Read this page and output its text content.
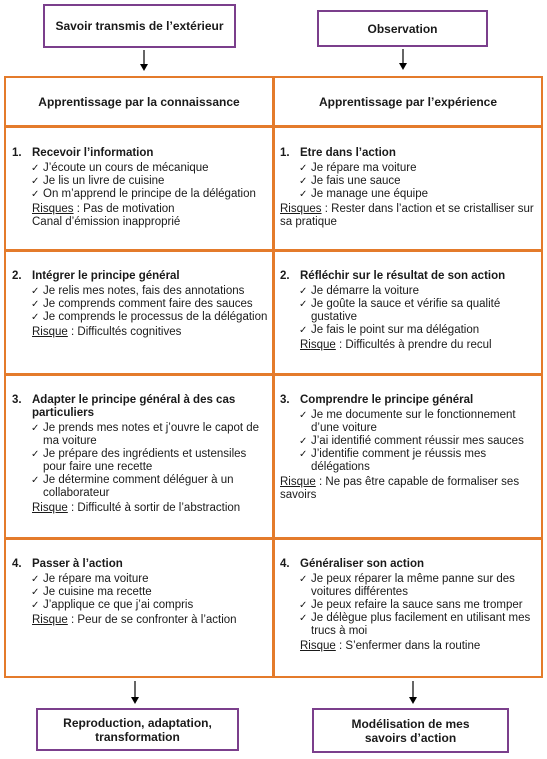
Savoir transmis de l’extérieur	Observation
Apprentissage par la connaissance	Apprentissage par l’expérience
1. Recevoir l’information
✓ J’écoute un cours de mécanique
✓ Je lis un livre de cuisine
✓ On m’apprend le principe de la délégation
Risques : Pas de motivation
Canal d’émission inapproprié
2. Intégrer le principe général
✓ Je relis mes notes, fais des annotations
✓ Je comprends comment faire des sauces
✓ Je comprends le processus de la délégation
Risque : Difficultés cognitives
3. Adapter le principe général à des cas particuliers
✓ Je prends mes notes et j’ouvre le capot de ma voiture
✓ Je prépare des ingrédients et ustensiles pour faire une recette
✓ Je détermine comment déléguer à un collaborateur
Risque : Difficulté à sortir de l’abstraction
4. Passer à l’action
✓ Je répare ma voiture
✓ Je cuisine ma recette
✓ J’applique ce que j’ai compris
Risque : Peur de se confronter à l’action
1. Etre dans l’action
✓ Je répare ma voiture
✓ Je fais une sauce
✓ Je manage une équipe
Risques : Rester dans l’action et se cristalliser sur sa pratique
2. Réfléchir sur le résultat de son action
✓ Je démarre la voiture
✓ Je goûte la sauce et vérifie sa qualité gustative
✓ Je fais le point sur ma délégation
Risque : Difficultés à prendre du recul
3. Comprendre le principe général
✓ Je me documente sur le fonctionnement d’une voiture
✓ J’ai identifié comment réussir mes sauces
✓ J’identifie comment je réussis mes délégations
Risque : Ne pas être capable de formaliser ses savoirs
4. Généraliser son action
✓ Je peux réparer la même panne sur des voitures différentes
✓ Je peux refaire la sauce sans me tromper
✓ Je délègue plus facilement en utilisant mes trucs à moi
Risque : S’enfermer dans la routine
Reproduction, adaptation, transformation
Modélisation de mes savoirs d’action
